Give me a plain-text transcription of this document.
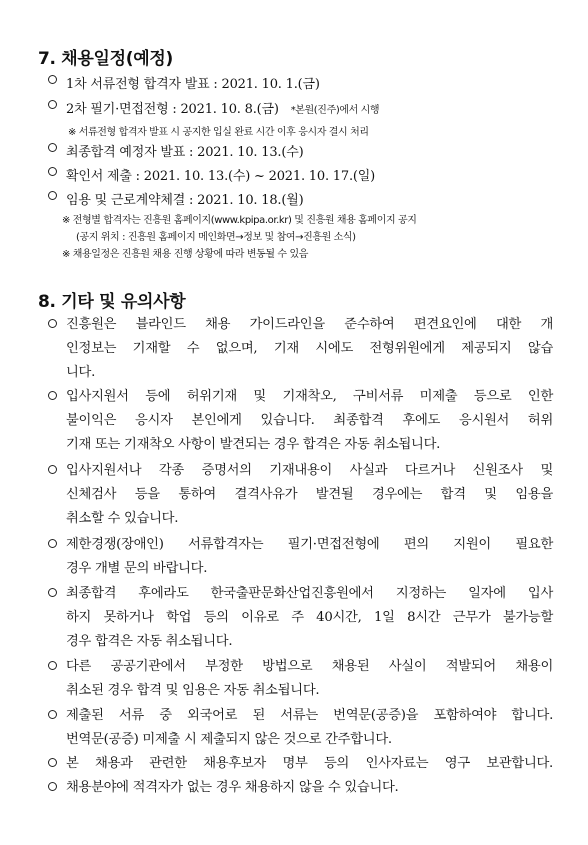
7. 채용일정(예정)
1차 서류전형 합격자 발표 : 2021. 10. 1.(금)
2차 필기·면접전형 : 2021. 10. 8.(금) *본원(진주)에서 시행
※ 서류전형 합격자 발표 시 공지한 입실 완료 시간 이후 응시자 결시 처리
최종합격 예정자 발표 : 2021. 10. 13.(수)
확인서 제출 : 2021. 10. 13.(수) ~ 2021. 10. 17.(일)
임용 및 근로계약체결 : 2021. 10. 18.(월)
※ 전형별 합격자는 진흥원 홈페이지(www.kpipa.or.kr) 및 진흥원 채용 홈페이지 공지
(공지 위치 : 진흥원 홈페이지 메인화면→정보 및 참여→진흥원 소식)
※ 채용일정은 진흥원 채용 진행 상황에 따라 변동될 수 있음
8. 기타 및 유의사항
진흥원은 블라인드 채용 가이드라인을 준수하여 편견요인에 대한 개
인정보는 기재할 수 없으며, 기재 시에도 전형위원에게 제공되지 않습
니다.
입사지원서 등에 허위기재 및 기재착오, 구비서류 미제출 등으로 인한
불이익은 응시자 본인에게 있습니다. 최종합격 후에도 응시원서 허위
기재 또는 기재착오 사항이 발견되는 경우 합격은 자동 취소됩니다.
입사지원서나 각종 증명서의 기재내용이 사실과 다르거나 신원조사 및
신체검사 등을 통하여 결격사유가 발견될 경우에는 합격 및 임용을
취소할 수 있습니다.
제한경쟁(장애인) 서류합격자는 필기·면접전형에 편의 지원이 필요한
경우 개별 문의 바랍니다.
최종합격 후에라도 한국출판문화산업진흥원에서 지정하는 일자에 입사
하지 못하거나 학업 등의 이유로 주 40시간, 1일 8시간 근무가 불가능할
경우 합격은 자동 취소됩니다.
다른 공공기관에서 부정한 방법으로 채용된 사실이 적발되어 채용이
취소된 경우 합격 및 임용은 자동 취소됩니다.
제출된 서류 중 외국어로 된 서류는 번역문(공증)을 포함하여야 합니다.
번역문(공증) 미제출 시 제출되지 않은 것으로 간주합니다.
본 채용과 관련한 채용후보자 명부 등의 인사자료는 영구 보관합니다.
채용분야에 적격자가 없는 경우 채용하지 않을 수 있습니다.
